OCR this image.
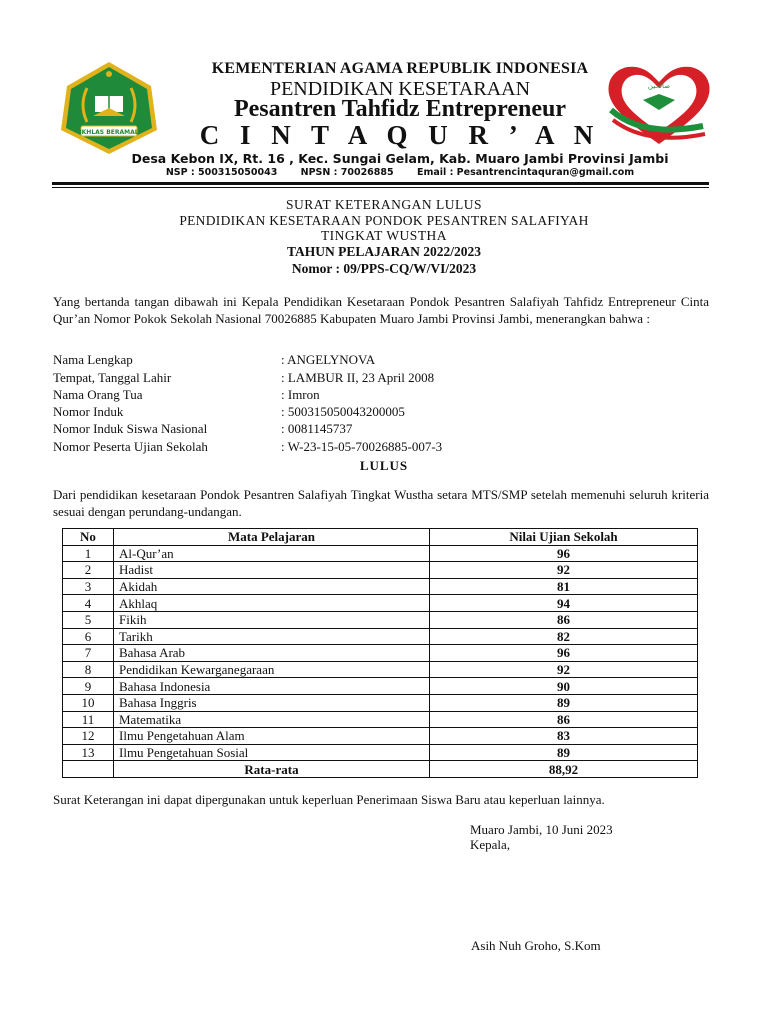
IKHLAS BERAMAL
KEMENTERIAN AGAMA REPUBLIK INDONESIA
PENDIDIKAN KESETARAAN
Pesantren Tahfidz Entrepreneur
C I N T A Q U R ’ A N
Desa Kebon IX, Rt. 16 , Kec. Sungai Gelam, Kab. Muaro Jambi Provinsi Jambi
NSP : 500315050043 NPSN : 70026885 Email : Pesantrencintaquran@gmail.com
ﺻﺎﻟﺤﻴﻦ
SURAT KETERANGAN LULUS
PENDIDIKAN KESETARAAN PONDOK PESANTREN SALAFIYAH
TINGKAT WUSTHA
TAHUN PELAJARAN 2022/2023
Nomor : 09/PPS-CQ/W/VI/2023
Yang bertanda tangan dibawah ini Kepala Pendidikan Kesetaraan Pondok Pesantren Salafiyah Tahfidz Entrepreneur Cinta Qur’an Nomor Pokok Sekolah Nasional 70026885 Kabupaten Muaro Jambi Provinsi Jambi, menerangkan bahwa :
Nama Lengkap	: ANGELYNOVA
Tempat, Tanggal Lahir	: LAMBUR II, 23 April 2008
Nama Orang Tua	: Imron
Nomor Induk	: 500315050043200005
Nomor Induk Siswa Nasional	: 0081145737
Nomor Peserta Ujian Sekolah	: W-23-15-05-70026885-007-3
LULUS
Dari pendidikan kesetaraan Pondok Pesantren Salafiyah Tingkat Wustha setara MTS/SMP setelah memenuhi seluruh kriteria sesuai dengan perundang-undangan.
No	Mata Pelajaran	Nilai Ujian Sekolah
1	Al-Qur’an	96
2	Hadist	92
3	Akidah	81
4	Akhlaq	94
5	Fikih	86
6	Tarikh	82
7	Bahasa Arab	96
8	Pendidikan Kewarganegaraan	92
9	Bahasa Indonesia	90
10	Bahasa Inggris	89
11	Matematika	86
12	Ilmu Pengetahuan Alam	83
13	Ilmu Pengetahuan Sosial	89
	Rata-rata	88,92
Surat Keterangan ini dapat dipergunakan untuk keperluan Penerimaan Siswa Baru atau keperluan lainnya.
Muaro Jambi, 10 Juni 2023
Kepala,
Asih Nuh Groho, S.Kom
